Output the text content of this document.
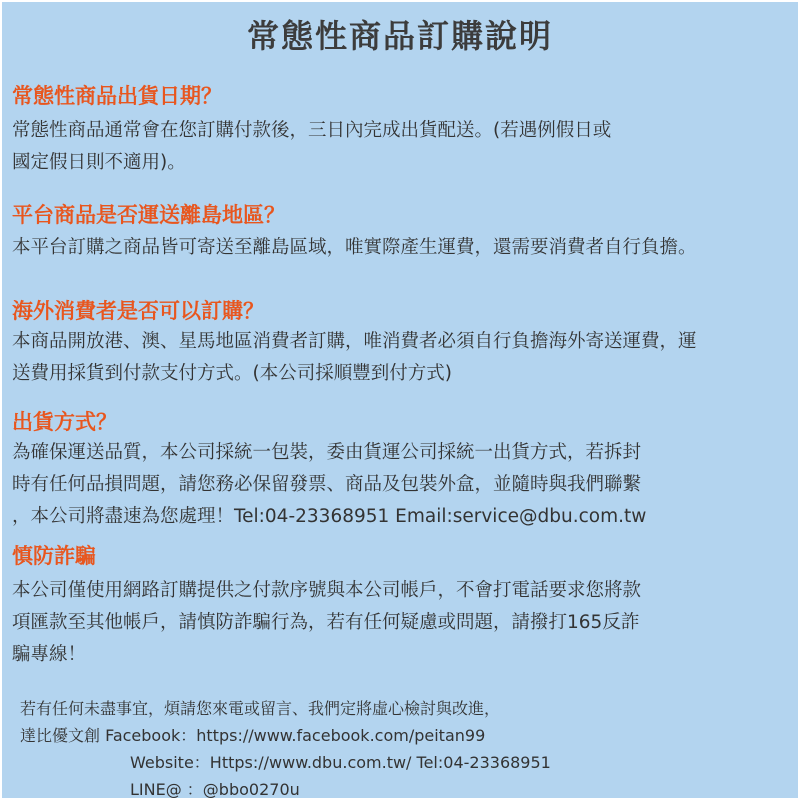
常態性商品訂購說明
常態性商品出貨日期？
常態性商品通常會在您訂購付款後，三日內完成出貨配送。(若遇例假日或
國定假日則不適用)。
平台商品是否運送離島地區？
本平台訂購之商品皆可寄送至離島區域，唯實際產生運費，還需要消費者自行負擔。
海外消費者是否可以訂購？
本商品開放港、澳、星馬地區消費者訂購，唯消費者必須自行負擔海外寄送運費，運
送費用採貨到付款支付方式。(本公司採順豐到付方式)
出貨方式？
為確保運送品質，本公司採統一包裝，委由貨運公司採統一出貨方式，若拆封
時有任何品損問題，請您務必保留發票、商品及包裝外盒，並隨時與我們聯繫
，本公司將盡速為您處理！Tel:04-23368951 Email:service@dbu.com.tw
慎防詐騙
本公司僅使用網路訂購提供之付款序號與本公司帳戶，不會打電話要求您將款
項匯款至其他帳戶，請慎防詐騙行為，若有任何疑慮或問題，請撥打165反詐
騙專線！
若有任何未盡事宜，煩請您來電或留言、我們定將虛心檢討與改進，
達比優文創 Facebook：https://www.facebook.com/peitan99
Website：Https://www.dbu.com.tw/ Tel:04-23368951
LINE@ ：@bbo0270u
